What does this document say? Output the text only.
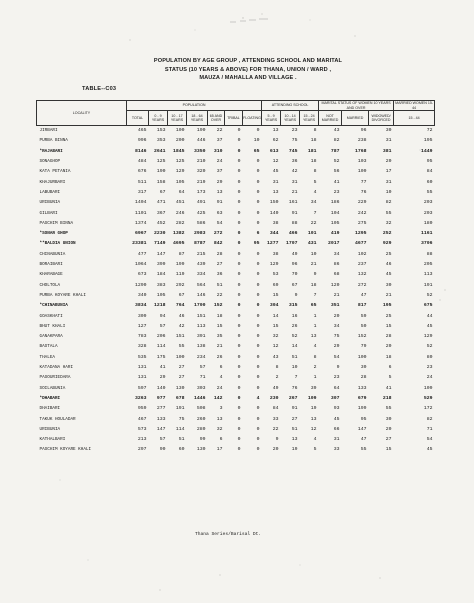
POPULATION BY AGE GROUP , ATTENDING SCHOOL AND MARITAL
STATUS (10 YEARS & ABOVE) FOR THANA, UNION / WARD ,
MAUZA / MAHALLA AND VILLAGE .
TABLE--C03
LOCALITY	POPULATION							ATTENDING SCHOOL			MARITAL STATUS OF WOMEN 10 YEARS AND OVER			MARRIED WOMEN 15-44
	TOTAL	0 - 9 YEARS	10 - 17 YEARS	18 - 64 YEARS	65 AND OVER	TRIBAL	FLOATING	5 - 9 YEARS	10 - 14 YEARS	15 - 24 YEARS	NOT MARRIED	MARRIED	WIDOWED/ DIVORCED	15 - 44
JIRBARI	465	153	100	190	22	0	0	13	23	8	43	96	30	72
PURBA BINNA	996	353	200	446	37	0	10	62	75	18	82	238	31	195
*RAJABARI	8146	2641	1845	3350	310	0	65	613	745	181	787	1768	381	1449
SONAGHOP	484	125	125	210	24	0	0	12	36	18	52	103	20	95
KATA PETANIA	676	190	129	320	37	0	0	45	42	8	56	109	17	84
KHAJURBARI	511	158	105	219	29	0	0	31	31	5	41	77	31	60
LABUBARI	317	67	64	173	13	0	0	13	21	4	23	76	10	55
URIBUNIA	1404	471	451	491	91	0	0	150	161	34	186	229	82	203
GILBARI	1101	367	246	425	63	0	0	140	91	7	104	242	55	203
PASCHIM BINNA	1374	452	282	586	54	0	0	38	88	22	105	275	32	180
*SONAR GHOP	6967	2230	1382	2983	272	0	6	344	466	101	419	1295	252	1161
**BALDIA UNION	23381	7149	4695	8787	842	0	95	1277	1707	431	2017	4677	929	3706
CHINABUNIA	477	147	87	215	28	0	0	38	49	10	34	102	25	88
BORAIBARI	1064	399	199	439	27	0	0	129	96	21	86	237	46	205
KHARABAGE	673	184	119	334	36	0	0	53	70	9	68	132	45	113
CHOLTOLA	1290	383	292	564	51	0	0	69	67	18	120	272	30	191
PURBA KOYARE KHALI	340	105	67	146	22	0	0	15	9	7	21	47	21	52
*CHINABUNIA	3834	1218	764	1700	152	0	0	304	315	65	351	817	195	675
GOASKHATI	309	94	46	151	18	0	0	14	16	1	20	59	25	44
BHUT KHALI	127	57	42	113	15	0	0	15	26	1	34	50	15	45
GANAKPARA	783	206	151	391	35	0	0	32	52	13	75	152	28	129
BASTALA	328	114	55	138	21	0	0	12	14	4	29	79	20	52
THALEA	535	175	100	234	26	0	0	43	51	8	54	100	18	80
KATADANA HARI	131	41	27	57	6	0	0	8	10	2	9	30	6	23
PASOURIEDARA	131	29	27	71	4	0	0	2	7	1	23	28	5	24
SOILABUNIA	597	140	130	303	24	0	0	49	76	39	64	133	41	109
*DHABARI	3263	977	678	1446	142	0	4	230	267	109	307	679	218	529
DHAIBARI	959	277	191	508	3	0	0	84	91	19	93	199	55	172
TAKUK HOULADAR	467	133	75	260	13	0	0	33	27	13	45	95	30	82
URIBUNIA	573	147	114	280	32	0	0	22	51	12	66	147	20	71
KATHALBARI	213	57	51	99	6	0	0	9	13	4	31	47	27	54
PASCHIM KOYARE KHALI	297	90	60	130	17	0	0	20	19	5	33	55	15	45
Thana Series/Barisal Dt.
